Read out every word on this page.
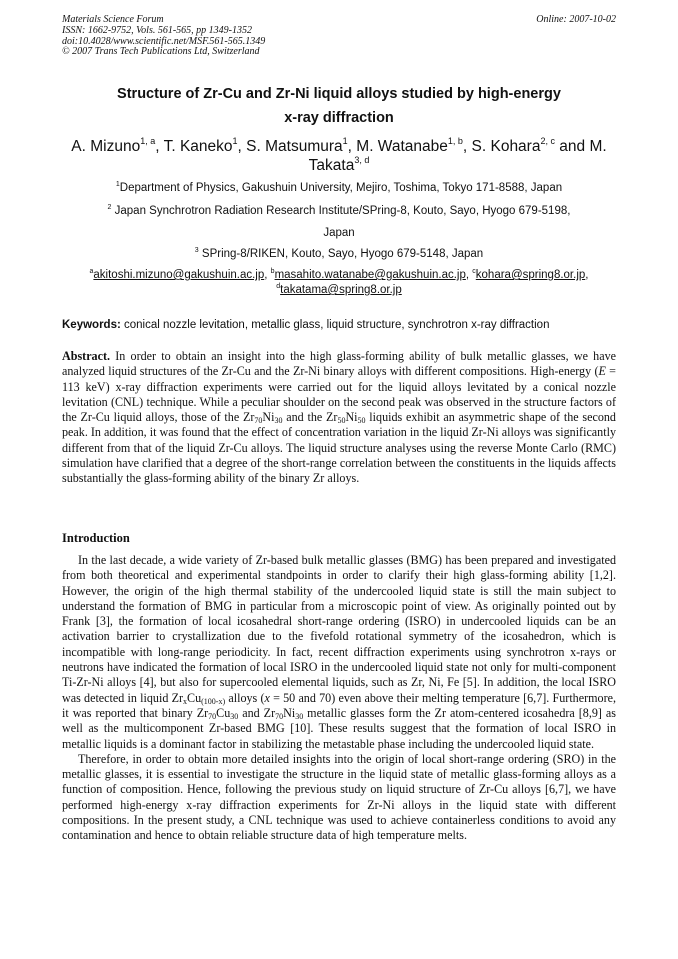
Materials Science Forum
ISSN: 1662-9752, Vols. 561-565, pp 1349-1352
doi:10.4028/www.scientific.net/MSF.561-565.1349
© 2007 Trans Tech Publications Ltd, Switzerland
Online: 2007-10-02
Structure of Zr-Cu and Zr-Ni liquid alloys studied by high-energy
x-ray diffraction
A. Mizuno$^{1, a}$, T. Kaneko$^1$, S. Matsumura$^1$, M. Watanabe$^{1, b}$, S. Kohara$^{2, c}$ and M. Takata$^{3, d}$
$^1$Department of Physics, Gakushuin University, Mejiro, Toshima, Tokyo 171-8588, Japan
$^2$ Japan Synchrotron Radiation Research Institute/SPring-8, Kouto, Sayo, Hyogo 679-5198,
Japan
$^3$ SPring-8/RIKEN, Kouto, Sayo, Hyogo 679-5148, Japan
$^a$akitoshi.mizuno@gakushuin.ac.jp, $^b$masahito.watanabe@gakushuin.ac.jp, $^c$kohara@spring8.or.jp,
$^d$takatama@spring8.or.jp
Keywords: conical nozzle levitation, metallic glass, liquid structure, synchrotron x-ray diffraction
Abstract. In order to obtain an insight into the high glass-forming ability of bulk metallic glasses, we have analyzed liquid structures of the Zr-Cu and the Zr-Ni binary alloys with different compositions. High-energy (E = 113 keV) x-ray diffraction experiments were carried out for the liquid alloys levitated by a conical nozzle levitation (CNL) technique. While a peculiar shoulder on the second peak was observed in the structure factors of the Zr-Cu liquid alloys, those of the $Zr_{70}Ni_{30}$ and the $Zr_{50}Ni_{50}$ liquids exhibit an asymmetric shape of the second peak. In addition, it was found that the effect of concentration variation in the liquid Zr-Ni alloys was significantly different from that of the liquid Zr-Cu alloys. The liquid structure analyses using the reverse Monte Carlo (RMC) simulation have clarified that a degree of the short-range correlation between the constituents in the liquids affects substantially the glass-forming ability of the binary Zr alloys.
Introduction

In the last decade, a wide variety of Zr-based bulk metallic glasses (BMG) has been prepared and investigated from both theoretical and experimental standpoints in order to clarify their high glass-forming ability [1,2]. However, the origin of the high thermal stability of the undercooled liquid state is still the main subject to understand the formation of BMG in particular from a microscopic point of view. As originally pointed out by Frank [3], the formation of local icosahedral short-range ordering (ISRO) in undercooled liquids can be an activation barrier to crystallization due to the fivefold rotational symmetry of the icosahedron, which is incompatible with long-range periodicity. In fact, recent diffraction experiments using synchrotron x-rays or neutrons have indicated the formation of local ISRO in the undercooled liquid state not only for multi-component Ti-Zr-Ni alloys [4], but also for supercooled elemental liquids, such as Zr, Ni, Fe [5]. In addition, the local ISRO was detected in liquid $Zr_xCu_{(100-x)}$ alloys (x = 50 and 70) even above their melting temperature [6,7]. Furthermore, it was reported that binary $Zr_{70}Cu_{30}$ and $Zr_{70}Ni_{30}$ metallic glasses form the Zr atom-centered icosahedra [8,9] as well as the multicomponent Zr-based BMG [10]. These results suggest that the formation of local ISRO in metallic liquids is a dominant factor in stabilizing the metastable phase including the undercooled liquid state.

Therefore, in order to obtain more detailed insights into the origin of local short-range ordering (SRO) in the metallic glasses, it is essential to investigate the structure in the liquid state of metallic glass-forming alloys as a function of composition. Hence, following the previous study on liquid structure of Zr-Cu alloys [6,7], we have performed high-energy x-ray diffraction experiments for Zr-Ni alloys in the liquid state with different compositions. In the present study, a CNL technique was used to achieve containerless conditions to avoid any contamination and hence to obtain reliable structure data of high temperature melts.
